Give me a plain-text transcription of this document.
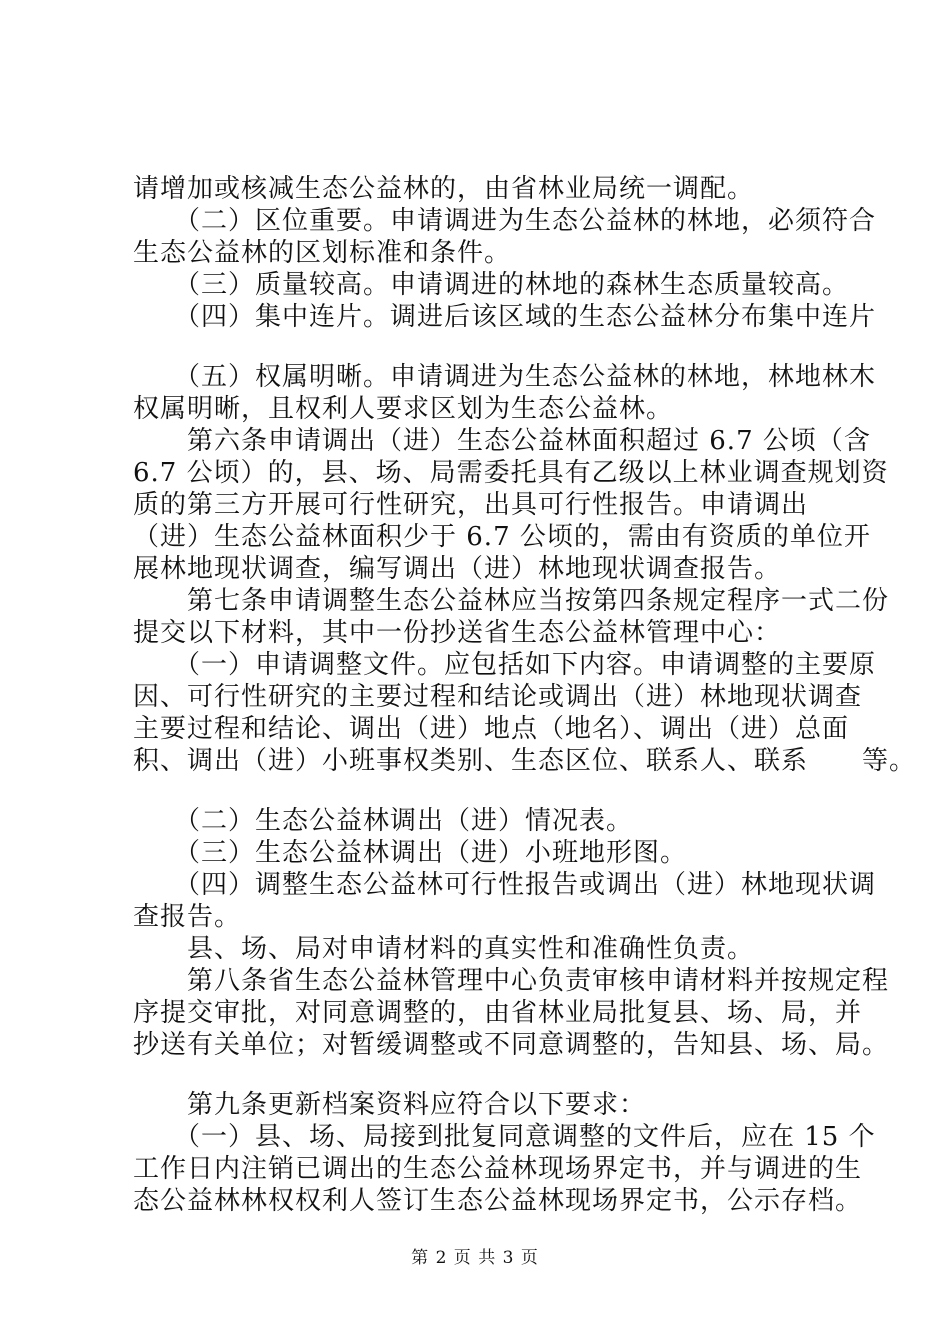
请增加或核减生态公益林的，由省林业局统一调配。
　　（二）区位重要。申请调进为生态公益林的林地，必须符合
生态公益林的区划标准和条件。
　　（三）质量较高。申请调进的林地的森林生态质量较高。
　　（四）集中连片。调进后该区域的生态公益林分布集中连片
　　（五）权属明晰。申请调进为生态公益林的林地，林地林木
权属明晰，且权利人要求区划为生态公益林。
　　第六条申请调出（进）生态公益林面积超过 6.7 公顷（含
6.7 公顷）的，县、场、局需委托具有乙级以上林业调查规划资
质的第三方开展可行性研究，出具可行性报告。申请调出
（进）生态公益林面积少于 6.7 公顷的，需由有资质的单位开
展林地现状调查，编写调出（进）林地现状调查报告。
　　第七条申请调整生态公益林应当按第四条规定程序一式二份
提交以下材料，其中一份抄送省生态公益林管理中心：
　　（一）申请调整文件。应包括如下内容。申请调整的主要原
因、可行性研究的主要过程和结论或调出（进）林地现状调查
主要过程和结论、调出（进）地点（地名）、调出（进）总面
积、调出（进）小班事权类别、生态区位、联系人、联系　　等。
　　（二）生态公益林调出（进）情况表。
　　（三）生态公益林调出（进）小班地形图。
　　（四）调整生态公益林可行性报告或调出（进）林地现状调
查报告。
　　县、场、局对申请材料的真实性和准确性负责。
　　第八条省生态公益林管理中心负责审核申请材料并按规定程
序提交审批，对同意调整的，由省林业局批复县、场、局，并
抄送有关单位；对暂缓调整或不同意调整的，告知县、场、局。
　　第九条更新档案资料应符合以下要求：
　　（一）县、场、局接到批复同意调整的文件后，应在 15 个
工作日内注销已调出的生态公益林现场界定书，并与调进的生
态公益林林权权利人签订生态公益林现场界定书，公示存档。
第 2 页 共 3 页
